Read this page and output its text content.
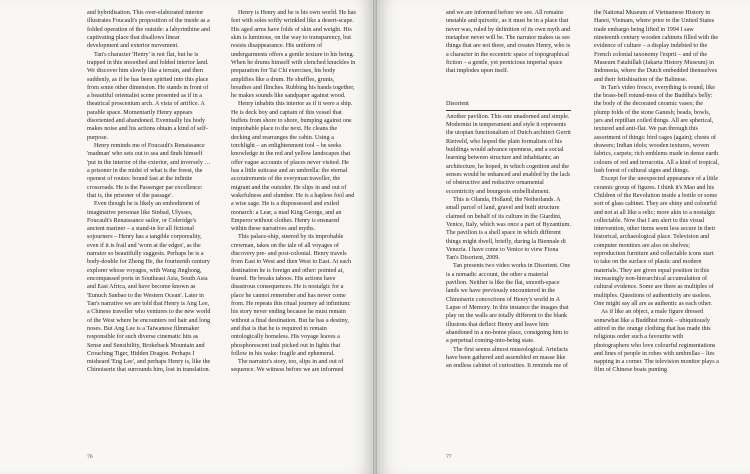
and hybridisation. This over-elaborated interior illustrates Foucault's proposition of the inside as a folded operation of the outside: a labyrinthine and captivating place that disallows linear development and exterior movement.

Tan's character 'Henry' is not flat, but he is trapped in this smoothed and folded interior land. We discover him slowly like a terrain, and then suddenly, as if he has been spirited into this place from some other dimension. He stands in front of a beautiful orientalist scene presented as if in a theatrical proscenium arch. A vista of artifice. A parable space. Momentarily Henry appears disoriented and abandoned. Eventually his body makes noise and his actions obtain a kind of self-purpose.

Henry reminds me of Foucault's Renaissance 'madman' who sets out to sea and finds himself 'put in the interior of the exterior, and inversely … a prisoner in the midst of what is the freest, the openest of routes: bound fast at the infinite crossroads. He is the Passenger par excellence: that is, the prisoner of the passage'.

Even though he is likely an embodiment of imaginative personae like Sinbad, Ulysses, Foucault's Renaissance sailor, or Coleridge's ancient mariner – a stand-in for all fictional sojourners – Henry has a tangible corporeality, even if it is frail and 'worn at the edges', as the narrator so beautifully suggests. Perhaps he is a body-double for Zheng He, the fourteenth century explorer whose voyages, with Wang Jinghong, encompassed ports in Southeast Asia, South Asia and East Africa, and have become known as 'Eunuch Sanbao to the Western Ocean'. Later in Tan's narrative we are told that Henry is Ang Lee, a Chinese traveller who ventures to the new world of the West where he encounters red hair and long noses. But Ang Lee is a Taiwanese filmmaker responsible for such diverse cinematic hits as Sense and Sensibility, Brokeback Mountain and Crouching Tiger, Hidden Dragon. Perhaps I misheard 'Eng Lee', and perhaps Henry is, like the Chinoiserie that surrounds him, lost in translation.

Henry is Henry and he is his own world. He has feet with soles softly wrinkled like a desert-scape. His aged arms have folds of skin and weight. His skin is luminous, on the way to transparency, but resists disappearance. His uniform of undergarments offers a gentle texture to his being. When he drums himself with clenched knuckles in preparation for Tai Chi exercises, his body amplifies like a drum. He shuffles, grunts, breathes and flinches. Rubbing his hands together, he makes sounds like sandpaper against wood.

Henry inhabits this interior as if it were a ship. He is deck boy and captain of this vessel that buffets from shore to shore, bumping against one improbable place to the next. He cleans the decking and rearranges the cabin. Using a torchlight – an enlightenment tool – he seeks knowledge in the red and yellow landscapes that offer vague accounts of places never visited. He has a little suitcase and an umbrella: the eternal accoutrements of the everyman traveller, the migrant and the outsider. He slips in and out of wakefulness and slumber. He is a hapless fool and a wise sage. He is a dispossessed and exiled monarch: a Lear, a mad King George, and an Emperor without clothes. Henry is ensnared within these narratives and myths.

This palace-ship, steered by its improbable crewman, takes on the tale of all voyages of discovery pre- and post-colonial. Henry travels from East to West and then West to East. At each destination he is foreign and other: pointed at, feared. He breaks taboos. His actions have disastrous consequences. He is nostalgic for a place he cannot remember and has never come from. He repeats this ritual journey ad infinitum: his story never ending because he must remain without a final destination. But he has a destiny, and that is that he is required to remain ontologically homeless. His voyage leaves a phosphorescent trail picked out in lights that follow in his wake: fragile and ephemeral.

The narrator's story, too, slips in and out of sequence. We witness before we are informed

76

and we are informed before we see. All remains unstable and quixotic, as it must be in a place that never was, ruled by definition of its own myth and metaphor never will be. The narrator makes us see things that are not there, and creates Henry, who is a character in the eccentric space of topographical fiction – a gentle, yet pernicious imperial space that implodes upon itself.

Disorient

Another pavilion. This one unadorned and simple. Modernist in temperament and style it represents the utopian functionalism of Dutch architect Gerrit Rietveld, who hoped the plain formalism of his buildings would advance openness, and a social learning between structure and inhabitants; an architecture, he hoped, in which cognition and the senses would be enhanced and enabled by the lack of obstructive and reductive ornamental eccentricity and bourgeois embellishment.

This is Olanda, Holland, the Netherlands. A small parcel of land, gravel and built structure claimed on behalf of its culture in the Giardini, Venice, Italy, which was once a part of Byzantium. The pavilion is a shell space in which different things might dwell, briefly, during la Biennale di Venezia. I have come to Venice to view Fiona Tan's Disorient, 2009.

Tan presents two video works in Disorient. One is a nomadic account, the other a material pavilion. Neither is like the flat, smooth-space lands we have previously encountered in the Chinoiserie concoctions of Henry's world in A Lapse of Memory. In this instance the images that play on the walls are totally different to the blank illusions that deflect Henry and leave him abandoned in a no-home place, consigning him to a perpetual coming-into-being state.

The first seems almost museological. Artefacts have been gathered and assembled en masse like an endless cabinet of curiosities. It reminds me of

the National Museum of Vietnamese History in Hanoi, Vietnam, where prior to the United States trade embargo being lifted in 1994 I saw nineteenth century wooden cabinets filled with the evidence of culture – a display indebted to the French colonial taxonomy l'esprit – and of the Museum Fatahillah (Jakarta History Museum) in Indonesia, where the Dutch embedded themselves and their fetishisation of the Balinese.

In Tan's video fresco, everything is round, like the brass-bell rotund-ness of the Buddha's belly: the body of the decorated ceramic vases; the plump folds of the stone Ganesh; beads, bowls, jars and reptilian coiled things. All are spherical, textured and anti-flat. We pan through this assortment of things: bird cages (again); chests of drawers; Indian idols; wooden textures, woven fabrics, carpets; rich emblems made in dense earth colours of red and terracotta. All a kind of tropical, lush forest of cultural signs and things.

Except for the unexpected appearance of a little ceramic group of figures. I think it's Mao and his Children of the Revolution inside a bottle or some sort of glass cabinet. They are shiny and colourful and not at all like a relic; more akin to a nostalgic collectable. Now that I am alert to this visual intervention, other items seem less secure in their historical, archaeological place. Television and computer monitors are also on shelves; reproduction furniture and collectable icons start to take on the surface of plastic and modern materials. They are given equal position in this increasingly non-hierarchical accumulation of cultural evidence. Some are there as multiples of multiples. Questions of authenticity are useless. One might say all are as authentic as each other.

As if like an object, a male figure dressed somewhat like a Buddhist monk – ubiquitously attired in the orange clothing that has made this religious order such a favourite with photographers who love colourful regimentations and lines of people in robes with umbrellas – lies napping in a corner. The television monitor plays a film of Chinese boats punting

77
